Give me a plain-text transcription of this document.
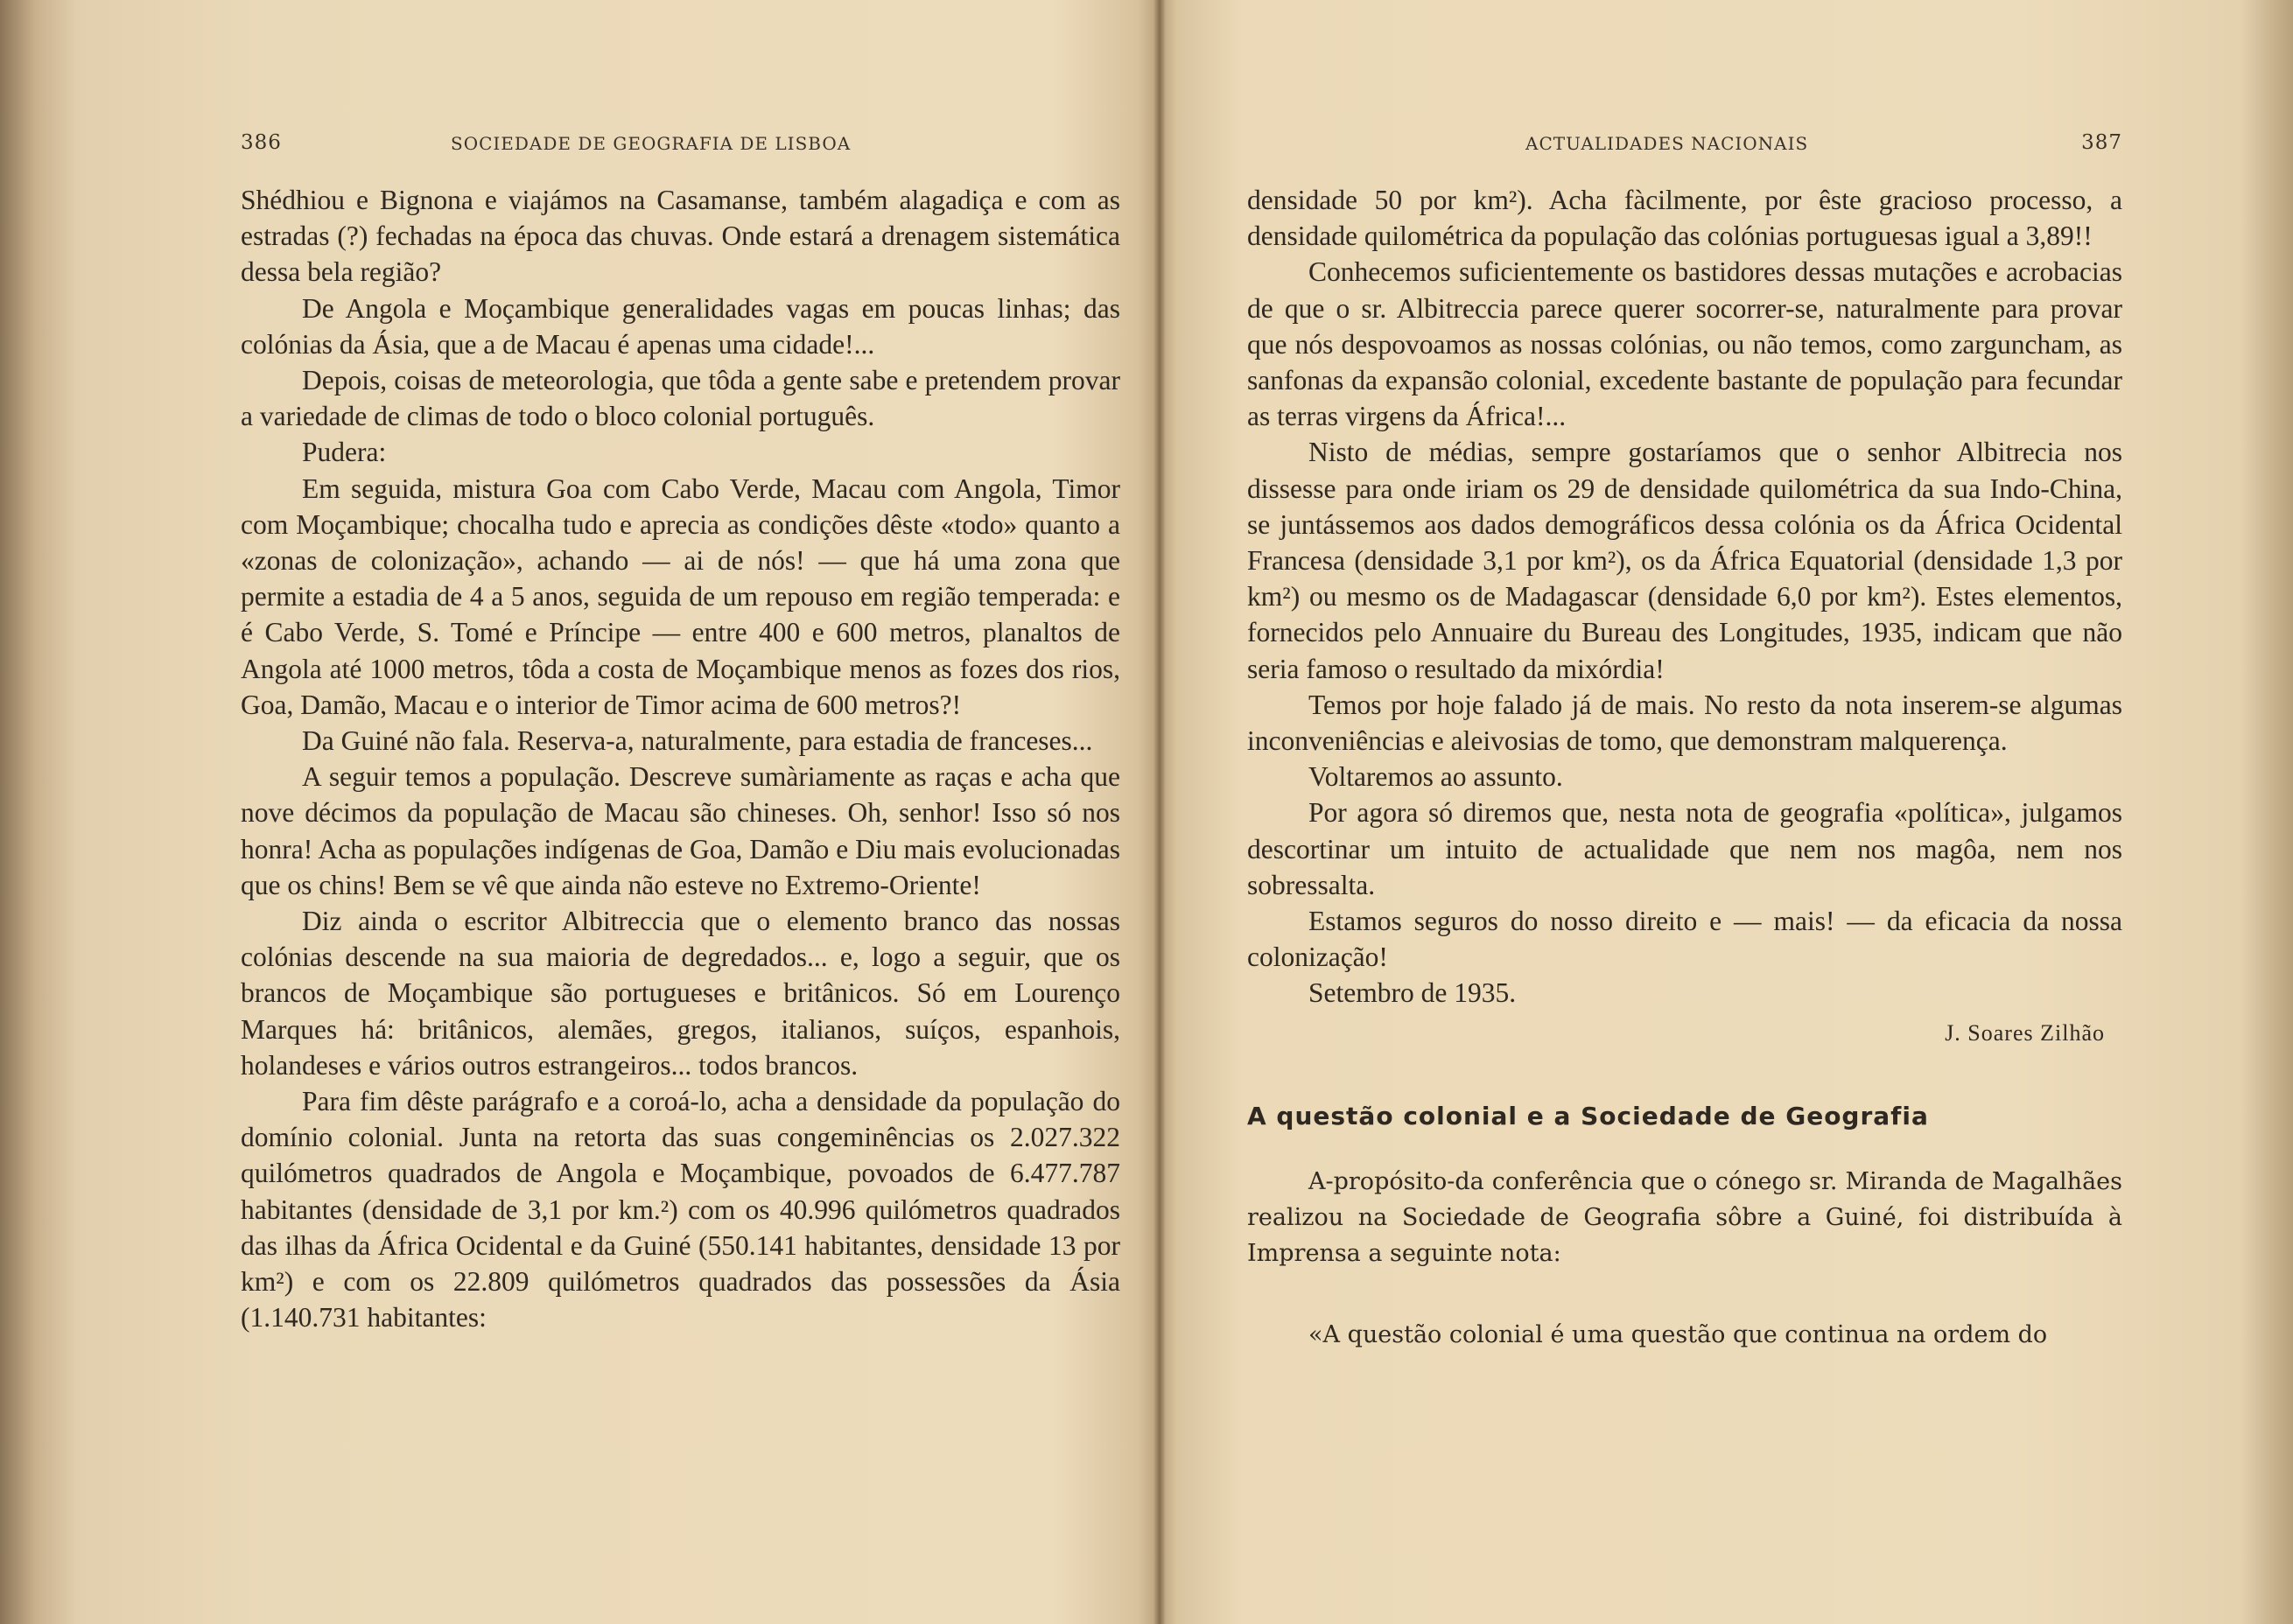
386	SOCIEDADE DE GEOGRAFIA DE LISBOA

Shédhiou e Bignona e viajámos na Casamanse, também alagadiça e com as estradas (?) fechadas na época das chuvas. Onde estará a drenagem sistemática dessa bela região?

De Angola e Moçambique generalidades vagas em poucas linhas; das colónias da Ásia, que a de Macau é apenas uma cidade!...

Depois, coisas de meteorologia, que tôda a gente sabe e pretendem provar a variedade de climas de todo o bloco colonial português.

Pudera:

Em seguida, mistura Goa com Cabo Verde, Macau com Angola, Timor com Moçambique; chocalha tudo e aprecia as condições dêste «todo» quanto a «zonas de colonização», achando — ai de nós! — que há uma zona que permite a estadia de 4 a 5 anos, seguida de um repouso em região temperada: e é Cabo Verde, S. Tomé e Príncipe — entre 400 e 600 metros, planaltos de Angola até 1000 metros, tôda a costa de Moçambique menos as fozes dos rios, Goa, Damão, Macau e o interior de Timor acima de 600 metros?!

Da Guiné não fala. Reserva-a, naturalmente, para estadia de franceses...

A seguir temos a população. Descreve sumàriamente as raças e acha que nove décimos da população de Macau são chineses. Oh, senhor! Isso só nos honra! Acha as populações indígenas de Goa, Damão e Diu mais evolucionadas que os chins! Bem se vê que ainda não esteve no Extremo-Oriente!

Diz ainda o escritor Albitreccia que o elemento branco das nossas colónias descende na sua maioria de degredados... e, logo a seguir, que os brancos de Moçambique são portugueses e britânicos. Só em Lourenço Marques há: britânicos, alemães, gregos, italianos, suíços, espanhois, holandeses e vários outros estrangeiros... todos brancos.

Para fim dêste parágrafo e a coroá-lo, acha a densidade da população do domínio colonial. Junta na retorta das suas congeminências os 2.027.322 quilómetros quadrados de Angola e Moçambique, povoados de 6.477.787 habitantes (densidade de 3,1 por km.²) com os 40.996 quilómetros quadrados das ilhas da África Ocidental e da Guiné (550.141 habitantes, densidade 13 por km²) e com os 22.809 quilómetros quadrados das possessões da Ásia (1.140.731 habitantes:

ACTUALIDADES NACIONAIS	387

densidade 50 por km²). Acha fàcilmente, por êste gracioso processo, a densidade quilométrica da população das colónias portuguesas igual a 3,89!!

Conhecemos suficientemente os bastidores dessas mutações e acrobacias de que o sr. Albitreccia parece querer socorrer-se, naturalmente para provar que nós despovoamos as nossas colónias, ou não temos, como zarguncham, as sanfonas da expansão colonial, excedente bastante de população para fecundar as terras virgens da África!...

Nisto de médias, sempre gostaríamos que o senhor Albitrecia nos dissesse para onde iriam os 29 de densidade quilométrica da sua Indo-China, se juntássemos aos dados demográficos dessa colónia os da África Ocidental Francesa (densidade 3,1 por km²), os da África Equatorial (densidade 1,3 por km²) ou mesmo os de Madagascar (densidade 6,0 por km²). Estes elementos, fornecidos pelo Annuaire du Bureau des Longitudes, 1935, indicam que não seria famoso o resultado da mixórdia!

Temos por hoje falado já de mais. No resto da nota inserem-se algumas inconveniências e aleivosias de tomo, que demonstram malquerença.

Voltaremos ao assunto.

Por agora só diremos que, nesta nota de geografia «política», julgamos descortinar um intuito de actualidade que nem nos magôa, nem nos sobressalta.

Estamos seguros do nosso direito e — mais! — da eficacia da nossa colonização!

Setembro de 1935.

J. Soares Zilhão

A questão colonial e a Sociedade de Geografia

A-propósito-da conferência que o cónego sr. Miranda de Magalhães realizou na Sociedade de Geografia sôbre a Guiné, foi distribuída à Imprensa a seguinte nota:

«A questão colonial é uma questão que continua na ordem do
